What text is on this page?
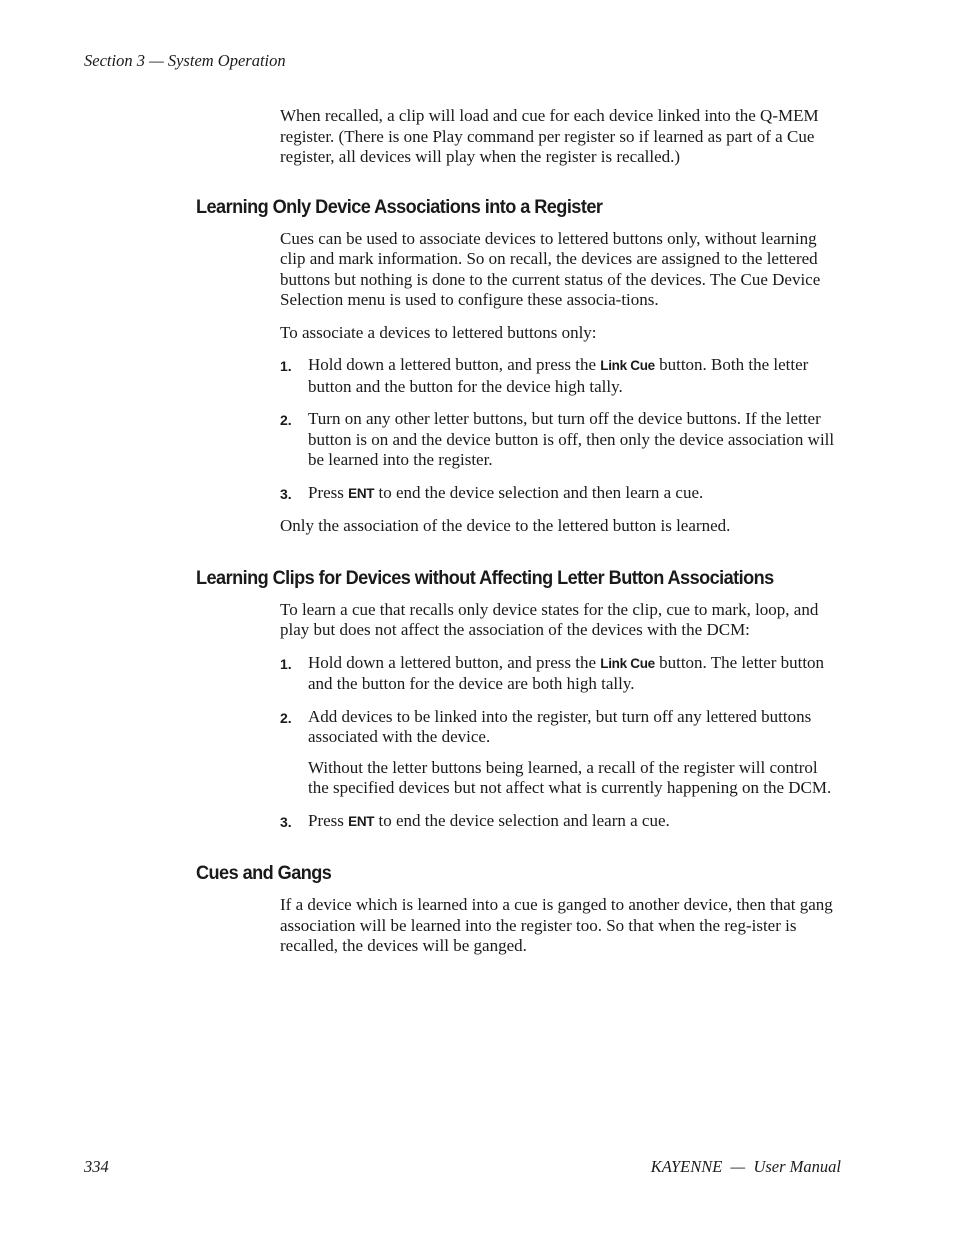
Section 3 — System Operation

When recalled, a clip will load and cue for each device linked into the Q-MEM register. (There is one Play command per register so if learned as part of a Cue register, all devices will play when the register is recalled.)

Learning Only Device Associations into a Register

Cues can be used to associate devices to lettered buttons only, without learning clip and mark information. So on recall, the devices are assigned to the lettered buttons but nothing is done to the current status of the devices. The Cue Device Selection menu is used to configure these associa-tions.

To associate a devices to lettered buttons only:

1. Hold down a lettered button, and press the Link Cue button. Both the letter button and the button for the device high tally.
2. Turn on any other letter buttons, but turn off the device buttons. If the letter button is on and the device button is off, then only the device association will be learned into the register.
3. Press ENT to end the device selection and then learn a cue.

Only the association of the device to the lettered button is learned.

Learning Clips for Devices without Affecting Letter Button Associations

To learn a cue that recalls only device states for the clip, cue to mark, loop, and play but does not affect the association of the devices with the DCM:

1. Hold down a lettered button, and press the Link Cue button. The letter button and the button for the device are both high tally.
2. Add devices to be linked into the register, but turn off any lettered buttons associated with the device.

Without the letter buttons being learned, a recall of the register will control the specified devices but not affect what is currently happening on the DCM.

3. Press ENT to end the device selection and learn a cue.
Cues and Gangs

If a device which is learned into a cue is ganged to another device, then that gang association will be learned into the register too. So that when the reg-ister is recalled, the devices will be ganged.

334	KAYENNE  —  User Manual
